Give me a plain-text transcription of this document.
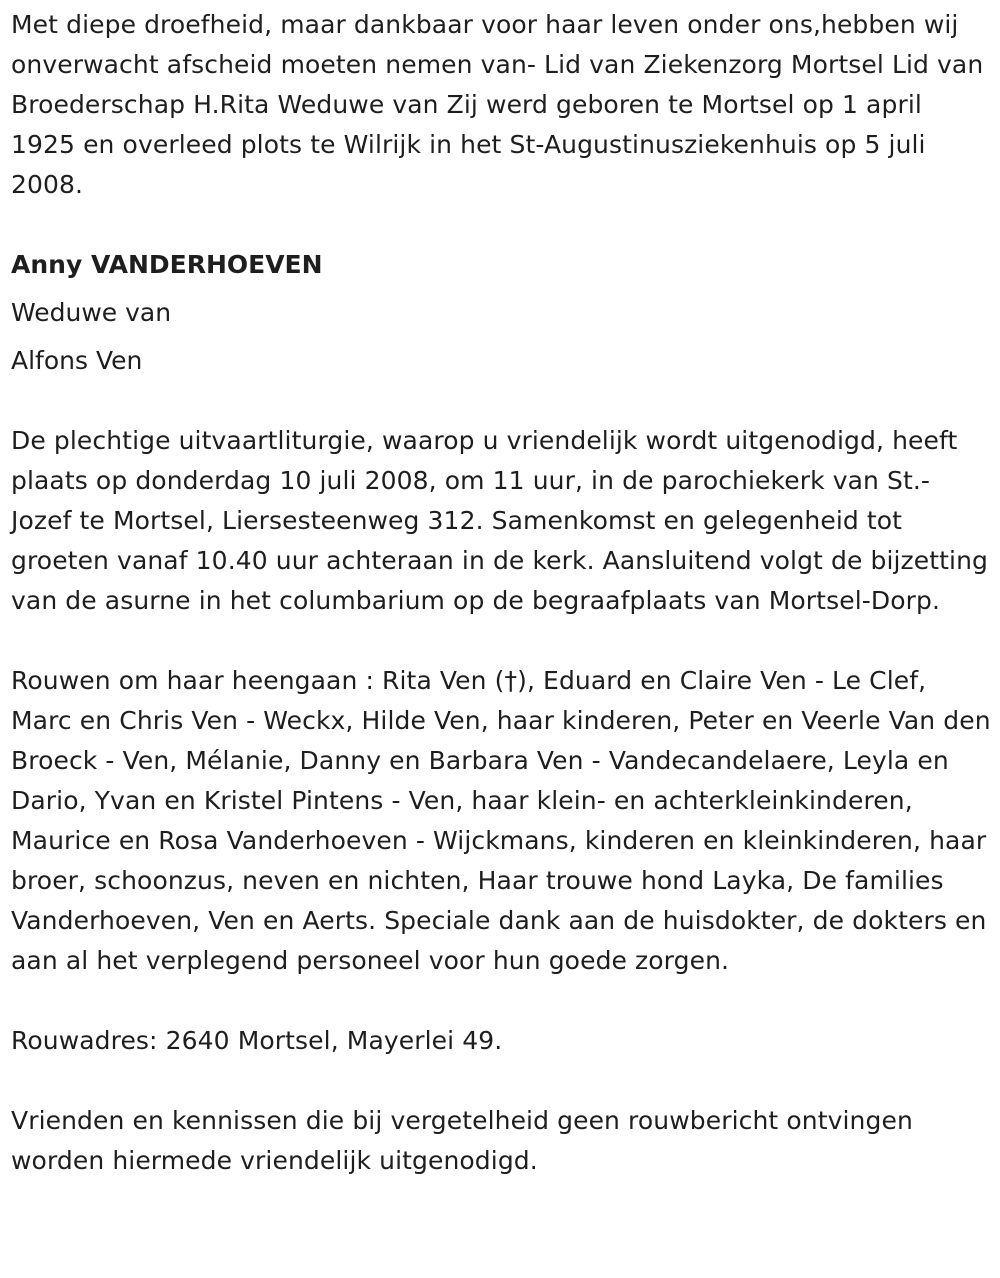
Met diepe droefheid, maar dankbaar voor haar leven onder ons,hebben wij onverwacht afscheid moeten nemen van- Lid van Ziekenzorg Mortsel Lid van Broederschap H.Rita Weduwe van Zij werd geboren te Mortsel op 1 april 1925 en overleed plots te Wilrijk in het St-Augustinusziekenhuis op 5 juli 2008.

Anny VANDERHOEVEN

Weduwe van

Alfons Ven

De plechtige uitvaartliturgie, waarop u vriendelijk wordt uitgenodigd, heeft plaats op donderdag 10 juli 2008, om 11 uur, in de parochiekerk van St.-Jozef te Mortsel, Liersesteenweg 312. Samenkomst en gelegenheid tot groeten vanaf 10.40 uur achteraan in de kerk. Aansluitend volgt de bijzetting van de asurne in het columbarium op de begraafplaats van Mortsel-Dorp.

Rouwen om haar heengaan : Rita Ven (†), Eduard en Claire Ven - Le Clef, Marc en Chris Ven - Weckx, Hilde Ven, haar kinderen, Peter en Veerle Van den Broeck - Ven, Mélanie, Danny en Barbara Ven - Vandecandelaere, Leyla en Dario, Yvan en Kristel Pintens - Ven, haar klein- en achterkleinkinderen, Maurice en Rosa Vanderhoeven - Wijckmans, kinderen en kleinkinderen, haar broer, schoonzus, neven en nichten, Haar trouwe hond Layka, De families Vanderhoeven, Ven en Aerts. Speciale dank aan de huisdokter, de dokters en aan al het verplegend personeel voor hun goede zorgen.

Rouwadres: 2640 Mortsel, Mayerlei 49.

Vrienden en kennissen die bij vergetelheid geen rouwbericht ontvingen worden hiermede vriendelijk uitgenodigd.
